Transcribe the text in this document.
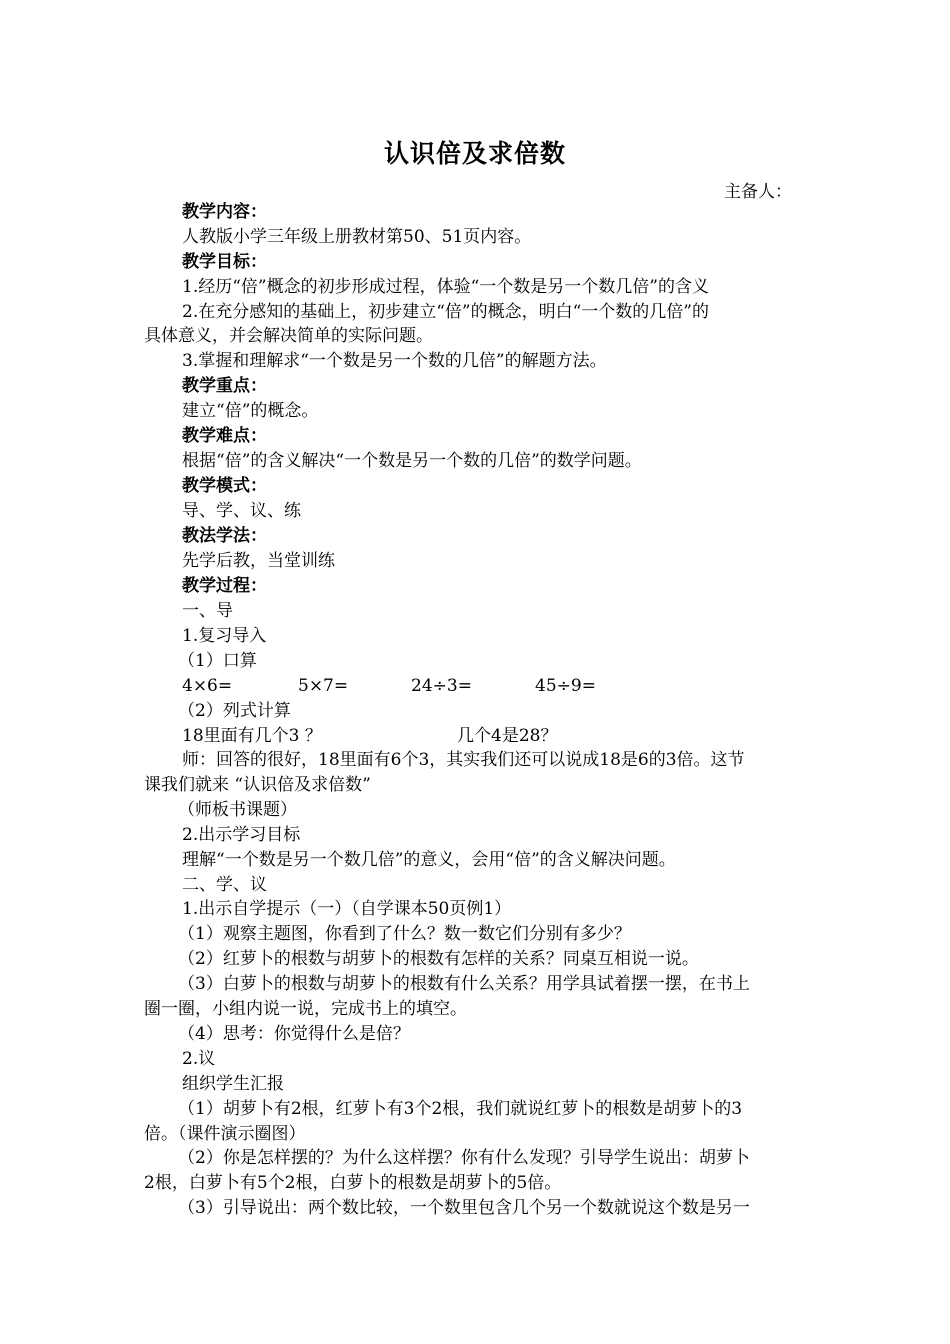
认识倍及求倍数
主备人：
教学内容：
人教版小学三年级上册教材第50、51页内容。
教学目标：
1.经历“倍”概念的初步形成过程，体验“一个数是另一个数几倍”的含义
2.在充分感知的基础上，初步建立“倍”的概念，明白“一个数的几倍”的
具体意义，并会解决简单的实际问题。
3.掌握和理解求“一个数是另一个数的几倍”的解题方法。
教学重点：
建立“倍”的概念。
教学难点：
根据“倍”的含义解决“一个数是另一个数的几倍”的数学问题。
教学模式：
导、学、议、练
教法学法：
先学后教，当堂训练
教学过程：
一、导
1.复习导入
（1）口算
4×6=	5×7=	24÷3=	45÷9=
（2）列式计算
18里面有几个3 ？	几个4是28？
师：回答的很好，18里面有6个3，其实我们还可以说成18是6的3倍。这节
课我们就来 “认识倍及求倍数”
（师板书课题）
2.出示学习目标
理解“一个数是另一个数几倍”的意义，会用“倍”的含义解决问题。
二、学、议
1.出示自学提示（一）（自学课本50页例1）
（1）观察主题图，你看到了什么？数一数它们分别有多少？
（2）红萝卜的根数与胡萝卜的根数有怎样的关系？同桌互相说一说。
（3）白萝卜的根数与胡萝卜的根数有什么关系？用学具试着摆一摆，在书上
圈一圈，小组内说一说，完成书上的填空。
（4）思考：你觉得什么是倍？
2.议
组织学生汇报
（1）胡萝卜有2根，红萝卜有3个2根，我们就说红萝卜的根数是胡萝卜的3
倍。（课件演示圈图）
（2）你是怎样摆的？为什么这样摆？你有什么发现？引导学生说出：胡萝卜
2根，白萝卜有5个2根，白萝卜的根数是胡萝卜的5倍。
（3）引导说出：两个数比较，一个数里包含几个另一个数就说这个数是另一
